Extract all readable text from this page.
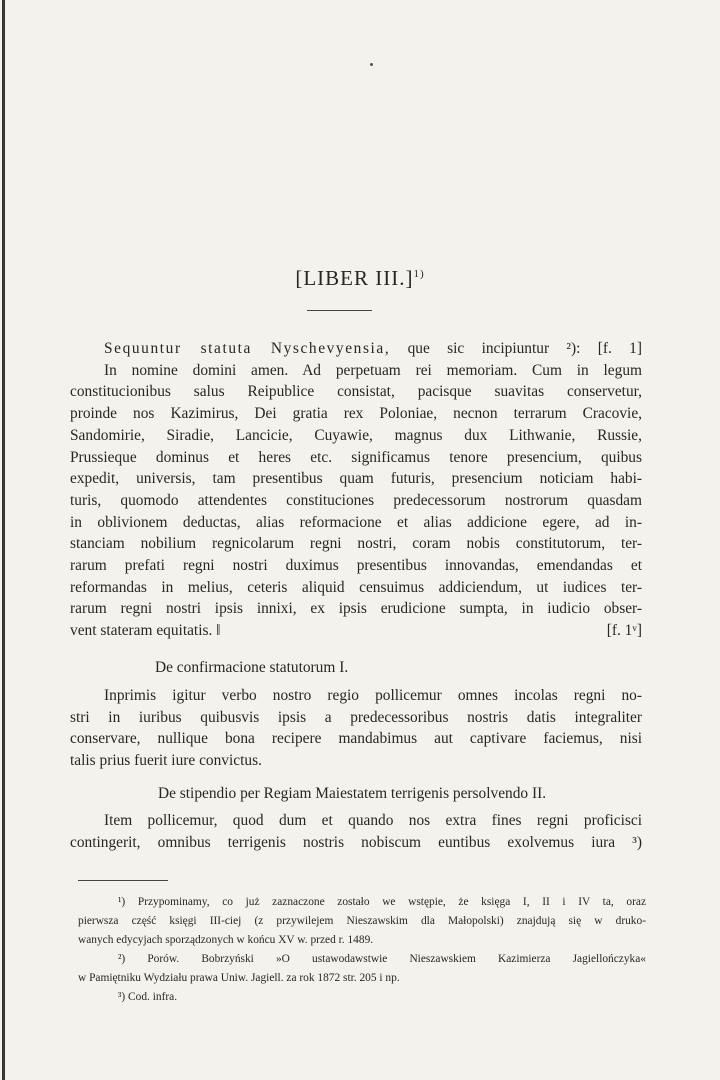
[LIBER III.]$^{1)}$
Sequuntur statuta Nyschevyensia, que sic incipiuntur ²): [f. 1]
In nomine domini amen. Ad perpetuam rei memoriam. Cum in legum
constitucionibus salus Reipublice consistat, pacisque suavitas conservetur,
proinde nos Kazimirus, Dei gratia rex Poloniae, necnon terrarum Cracovie,
Sandomirie, Siradie, Lancicie, Cuyawie, magnus dux Lithwanie, Russie,
Prussieque dominus et heres etc. significamus tenore presencium, quibus
expedit, universis, tam presentibus quam futuris, presencium noticiam habi-
turis, quomodo attendentes constituciones predecessorum nostrorum quasdam
in oblivionem deductas, alias reformacione et alias addicione egere, ad in-
stanciam nobilium regnicolarum regni nostri, coram nobis constitutorum, ter-
rarum prefati regni nostri duximus presentibus innovandas, emendandas et
reformandas in melius, ceteris aliquid censuimus addiciendum, ut iudices ter-
rarum regni nostri ipsis innixi, ex ipsis erudicione sumpta, in iudicio obser-
vent stateram equitatis. ‖	[f. 1ᵛ]
De confirmacione statutorum I.
Inprimis igitur verbo nostro regio pollicemur omnes incolas regni no-
stri in iuribus quibusvis ipsis a predecessoribus nostris datis integraliter
conservare, nullique bona recipere mandabimus aut captivare faciemus, nisi
talis prius fuerit iure convictus.
De stipendio per Regiam Maiestatem terrigenis persolvendo II.
Item pollicemur, quod dum et quando nos extra fines regni proficisci
contingerit, omnibus terrigenis nostris nobiscum euntibus exolvemus iura ³)
¹) Przypominamy, co już zaznaczone zostało we wstępie, że księga I, II i IV ta, oraz
pierwsza część księgi III-ciej (z przywilejem Nieszawskim dla Małopolski) znajdują się w druko-
wanych edycyjach sporządzonych w końcu XV w. przed r. 1489.
²) Porów. Bobrzyński »O ustawodawstwie Nieszawskiem Kazimierza Jagiellończyka«
w Pamiętniku Wydziału prawa Uniw. Jagiell. za rok 1872 str. 205 i np.
³) Cod. infra.
